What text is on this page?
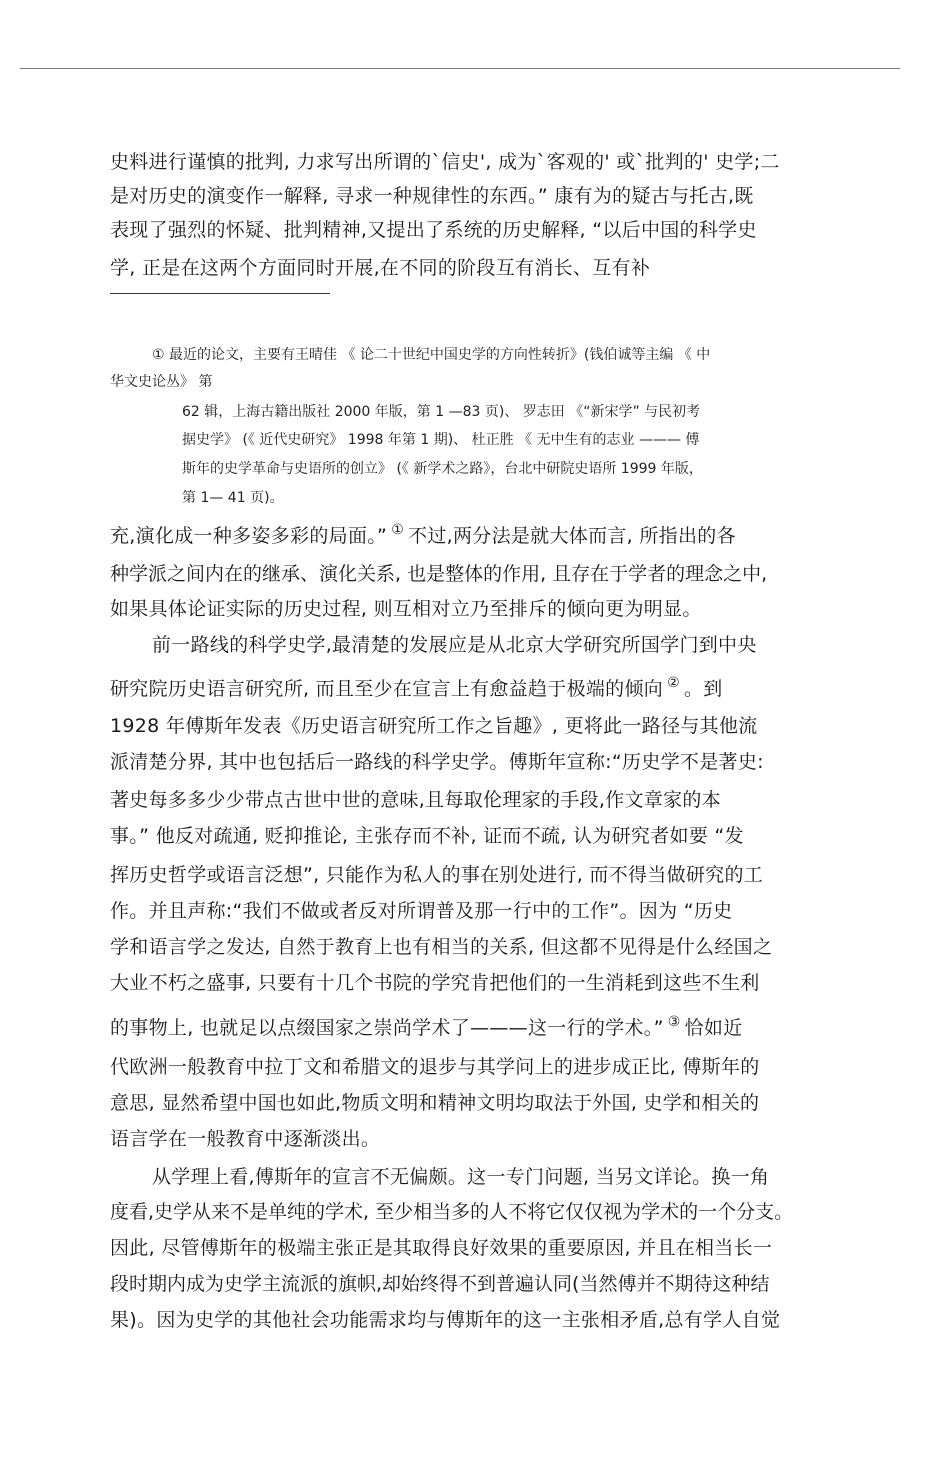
史料进行谨慎的批判, 力求写出所谓的`信史', 成为`客观的' 或`批判的' 史学;二
是对历史的演变作一解释, 寻求一种规律性的东西。” 康有为的疑古与托古,既
表现了强烈的怀疑、批判精神,又提出了系统的历史解释, “以后中国的科学史
学, 正是在这两个方面同时开展,在不同的阶段互有消长、互有补
① 最近的论文，主要有王晴佳 《 论二十世纪中国史学的方向性转折》(钱伯诚等主编 《 中
华文史论丛》 第
62 辑，上海古籍出版社 2000 年版，第 1 —83 页)、 罗志田 《“新宋学” 与民初考
据史学》 (《 近代史研究》 1998 年第 1 期)、 杜正胜 《 无中生有的志业 ——— 傅
斯年的史学革命与史语所的创立》 (《 新学术之路》，台北中研院史语所 1999 年版，
第 1— 41 页)。
充,演化成一种多姿多彩的局面。” ① 不过,两分法是就大体而言, 所指出的各
种学派之间内在的继承、演化关系, 也是整体的作用, 且存在于学者的理念之中,
如果具体论证实际的历史过程, 则互相对立乃至排斥的倾向更为明显。
前一路线的科学史学,最清楚的发展应是从北京大学研究所国学门到中央
研究院历史语言研究所, 而且至少在宣言上有愈益趋于极端的倾向 ② 。到
1928 年傅斯年发表《历史语言研究所工作之旨趣》, 更将此一路径与其他流
派清楚分界, 其中也包括后一路线的科学史学。傅斯年宣称:“历史学不是著史:
著史每多多少少带点古世中世的意味,且每取伦理家的手段,作文章家的本
事。” 他反对疏通, 贬抑推论, 主张存而不补, 证而不疏, 认为研究者如要 “发
挥历史哲学或语言泛想”, 只能作为私人的事在别处进行, 而不得当做研究的工
作。并且声称:“我们不做或者反对所谓普及那一行中的工作”。因为 “历史
学和语言学之发达, 自然于教育上也有相当的关系, 但这都不见得是什么经国之
大业不朽之盛事, 只要有十几个书院的学究肯把他们的一生消耗到这些不生利
的事物上, 也就足以点缀国家之崇尚学术了———这一行的学术。” ③ 恰如近
代欧洲一般教育中拉丁文和希腊文的退步与其学问上的进步成正比, 傅斯年的
意思, 显然希望中国也如此,物质文明和精神文明均取法于外国, 史学和相关的
语言学在一般教育中逐渐淡出。
从学理上看,傅斯年的宣言不无偏颇。这一专门问题, 当另文详论。换一角
度看,史学从来不是单纯的学术, 至少相当多的人不将它仅仅视为学术的一个分支。
因此, 尽管傅斯年的极端主张正是其取得良好效果的重要原因, 并且在相当长一
段时期内成为史学主流派的旗帜,却始终得不到普遍认同(当然傅并不期待这种结
果)。因为史学的其他社会功能需求均与傅斯年的这一主张相矛盾,总有学人自觉
